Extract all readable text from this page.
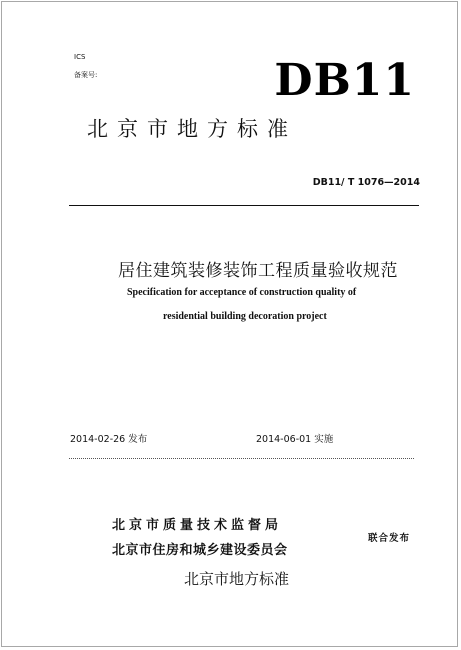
ICS
备案号:	DB11
北京市地方标准
DB11/ T 1076—2014
居住建筑装修装饰工程质量验收规范
Specification for acceptance of construction quality of
residential building decoration project
2014-02-26 发布	2014-06-01 实施
北京市质量技术监督局
北京市住房和城乡建设委员会
联合发布
北京市地方标准
